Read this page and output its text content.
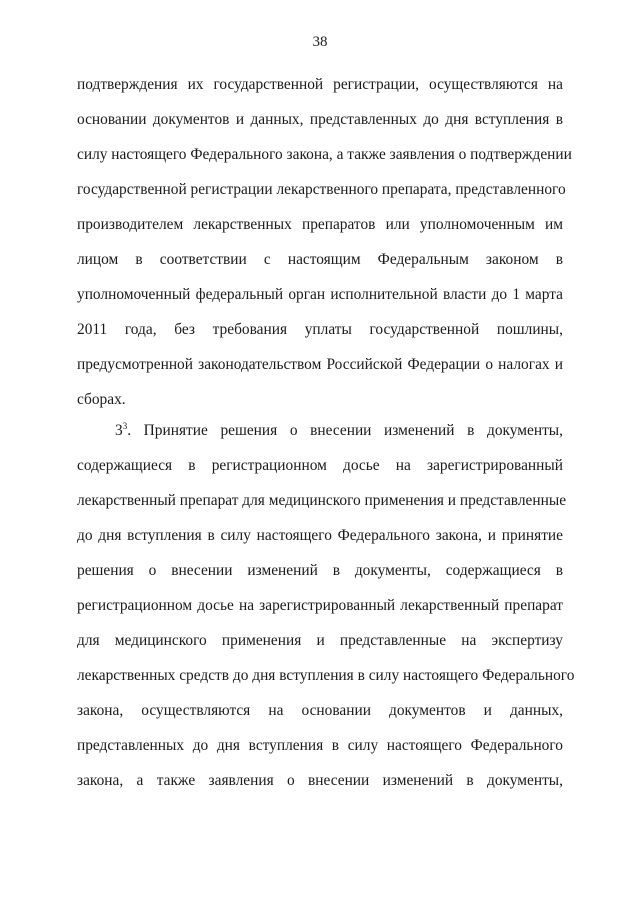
38
подтверждения их государственной регистрации, осуществляются на
основании документов и данных, представленных до дня вступления в
силу настоящего Федерального закона, а также заявления о подтверждении
государственной регистрации лекарственного препарата, представленного
производителем лекарственных препаратов или уполномоченным им
лицом в соответствии с настоящим Федеральным законом в
уполномоченный федеральный орган исполнительной власти до 1 марта
2011 года, без требования уплаты государственной пошлины,
предусмотренной законодательством Российской Федерации о налогах и
сборах.
$3^3$. Принятие решения о внесении изменений в документы,
содержащиеся в регистрационном досье на зарегистрированный
лекарственный препарат для медицинского применения и представленные
до дня вступления в силу настоящего Федерального закона, и принятие
решения о внесении изменений в документы, содержащиеся в
регистрационном досье на зарегистрированный лекарственный препарат
для медицинского применения и представленные на экспертизу
лекарственных средств до дня вступления в силу настоящего Федерального
закона, осуществляются на основании документов и данных,
представленных до дня вступления в силу настоящего Федерального
закона, а также заявления о внесении изменений в документы,
